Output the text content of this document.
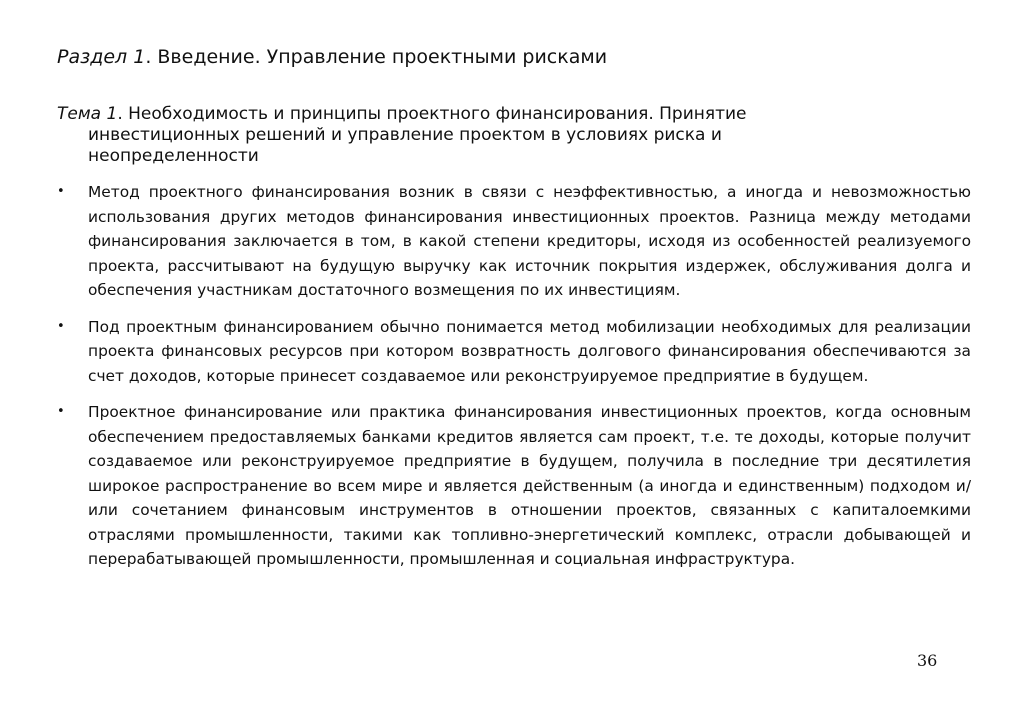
Раздел 1. Введение. Управление проектными рисками
Тема 1. Необходимость и принципы проектного финансирования. Принятие
инвестиционных решений и управление проектом в условиях риска и
неопределенности
• Метод проектного финансирования возник в связи с неэффективностью, а иногда и невозможностью использования других методов финансирования инвестиционных проектов. Разница между методами финансирования заключается в том, в какой степени кредиторы, исходя из особенностей реализуемого проекта, рассчитывают на будущую выручку как источник покрытия издержек, обслуживания долга и обеспечения участникам достаточного возмещения по их инвестициям.
• Под проектным финансированием обычно понимается метод мобилизации необходимых для реализации проекта финансовых ресурсов при котором возвратность долгового финансирования обеспечиваются за счет доходов, которые принесет создаваемое или реконструируемое предприятие в будущем.
• Проектное финансирование или практика финансирования инвестиционных проектов, когда основным обеспечением предоставляемых банками кредитов является сам проект, т.е. те доходы, которые получит создаваемое или реконструируемое предприятие в будущем, получила в последние три десятилетия широкое распространение во всем мире и является действенным (а иногда и единственным) подходом и/или сочетанием финансовым инструментов в отношении проектов, связанных с капиталоемкими отраслями промышленности, такими как топливно-энергетический комплекс, отрасли добывающей и перерабатывающей промышленности, промышленная и социальная инфраструктура.
36
